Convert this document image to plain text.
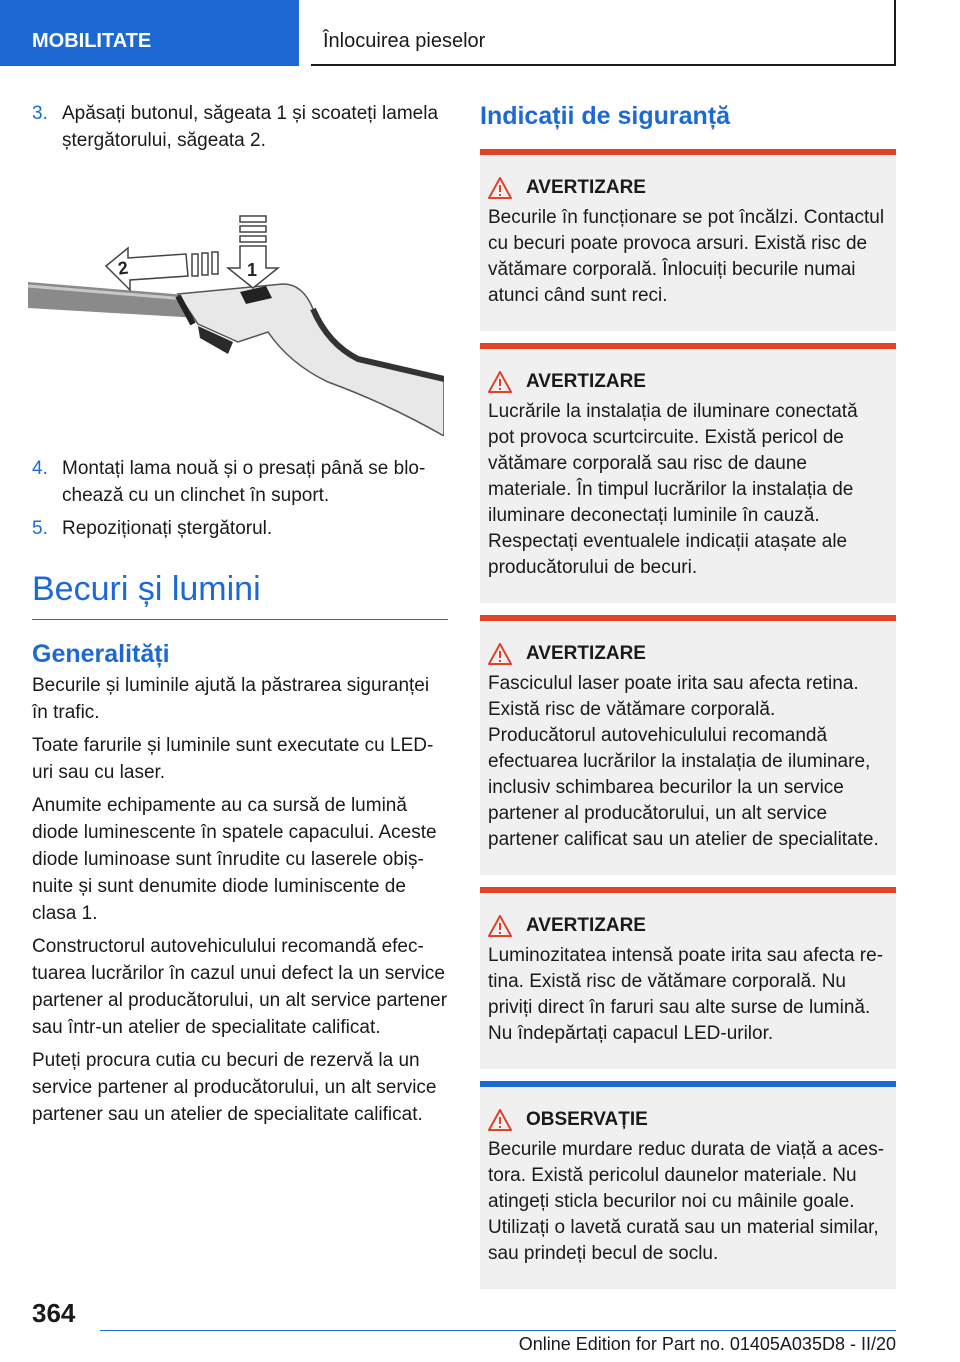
MOBILITATE	Înlocuirea pieselor
3. Apăsați butonul, săgeata 1 și scoateți lamela ștergătorului, săgeata 2.
1
2
4. Montați lama nouă și o presați până se blochează cu un clinchet în suport.
5. Repoziționați ștergătorul.
Becuri și lumini
Generalități

Becurile și luminile ajută la păstrarea siguranței în trafic.

Toate farurile și luminile sunt executate cu LED-uri sau cu laser.

Anumite echipamente au ca sursă de lumină diode luminescente în spatele capacului. Aceste diode luminoase sunt înrudite cu laserele obișnuite și sunt denumite diode luminiscente de clasa 1.

Constructorul autovehiculului recomandă efectuarea lucrărilor în cazul unui defect la un service partener al producătorului, un alt service partener sau într-un atelier de specialitate calificat.

Puteți procura cutia cu becuri de rezervă la un service partener al producătorului, un alt service partener sau un atelier de specialitate calificat.

Indicații de siguranță
AVERTIZARE
Becurile în funcționare se pot încălzi. Contactul cu becuri poate provoca arsuri. Există risc de vătămare corporală. Înlocuiți becurile numai atunci când sunt reci.
AVERTIZARE
Lucrările la instalația de iluminare conectată pot provoca scurtcircuite. Există pericol de vătămare corporală sau risc de daune materiale. În timpul lucrărilor la instalația de iluminare deconectați luminile în cauză. Respectați eventualele indicații atașate ale producătorului de becuri.
AVERTIZARE
Fasciculul laser poate irita sau afecta retina. Există risc de vătămare corporală. Producătorul autovehiculului recomandă efectuarea lucrărilor la instalația de iluminare, inclusiv schimbarea becurilor la un service partener al producătorului, un alt service partener calificat sau un atelier de specialitate.
AVERTIZARE
Luminozitatea intensă poate irita sau afecta retina. Există risc de vătămare corporală. Nu priviți direct în faruri sau alte surse de lumină. Nu îndepărtați capacul LED-urilor.
OBSERVAȚIE
Becurile murdare reduc durata de viață a acestora. Există pericolul daunelor materiale. Nu atingeți sticla becurilor noi cu mâinile goale. Utilizați o lavetă curată sau un material similar, sau prindeți becul de soclu.
364
Online Edition for Part no. 01405A035D8 - II/20
